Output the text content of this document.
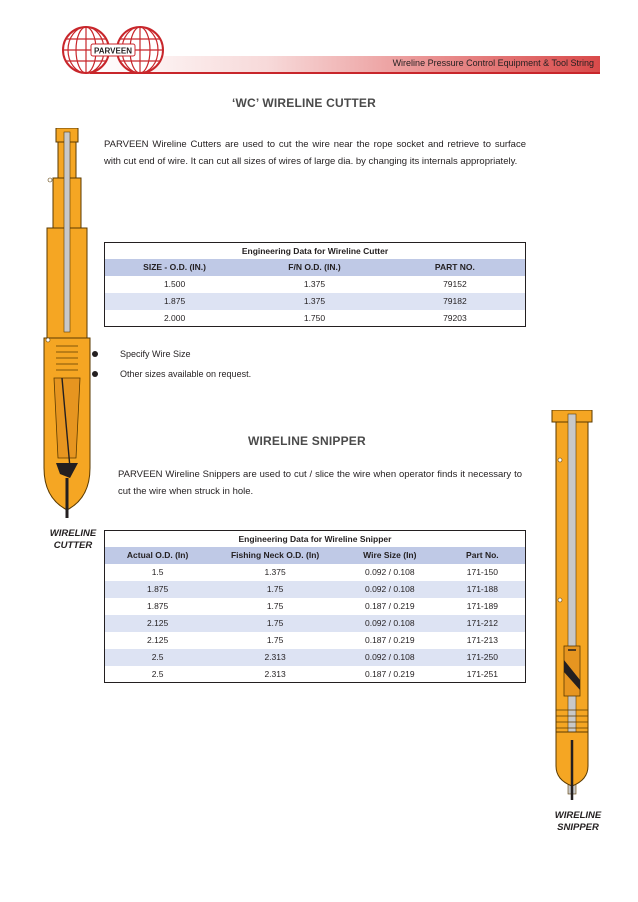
Wireline Pressure Control Equipment & Tool String
PARVEEN
WIRELINE
CUTTER
‘WC’ WIRELINE CUTTER
PARVEEN Wireline Cutters are used to cut the wire near the rope socket and retrieve to surface with cut end of wire. It can cut all sizes of wires of large dia. by changing its internals appropriately.
Engineering Data for Wireline Cutter		
SIZE - O.D. (IN.)	F/N O.D. (IN.)	PART NO.
1.500	1.375	79152
1.875	1.375	79182
2.000	1.750	79203
Specify Wire Size
Other sizes available on request.
WIRELINE SNIPPER
PARVEEN Wireline Snippers are used to cut / slice the wire when operator finds it necessary to cut the wire when struck in hole.
Engineering Data for Wireline Snipper			
Actual O.D. (In)	Fishing Neck O.D. (In)	Wire Size (In)	Part No.
1.5	1.375	0.092 / 0.108	171-150
1.875	1.75	0.092 / 0.108	171-188
1.875	1.75	0.187 / 0.219	171-189
2.125	1.75	0.092 / 0.108	171-212
2.125	1.75	0.187 / 0.219	171-213
2.5	2.313	0.092 / 0.108	171-250
2.5	2.313	0.187 / 0.219	171-251
WIRELINE
SNIPPER
